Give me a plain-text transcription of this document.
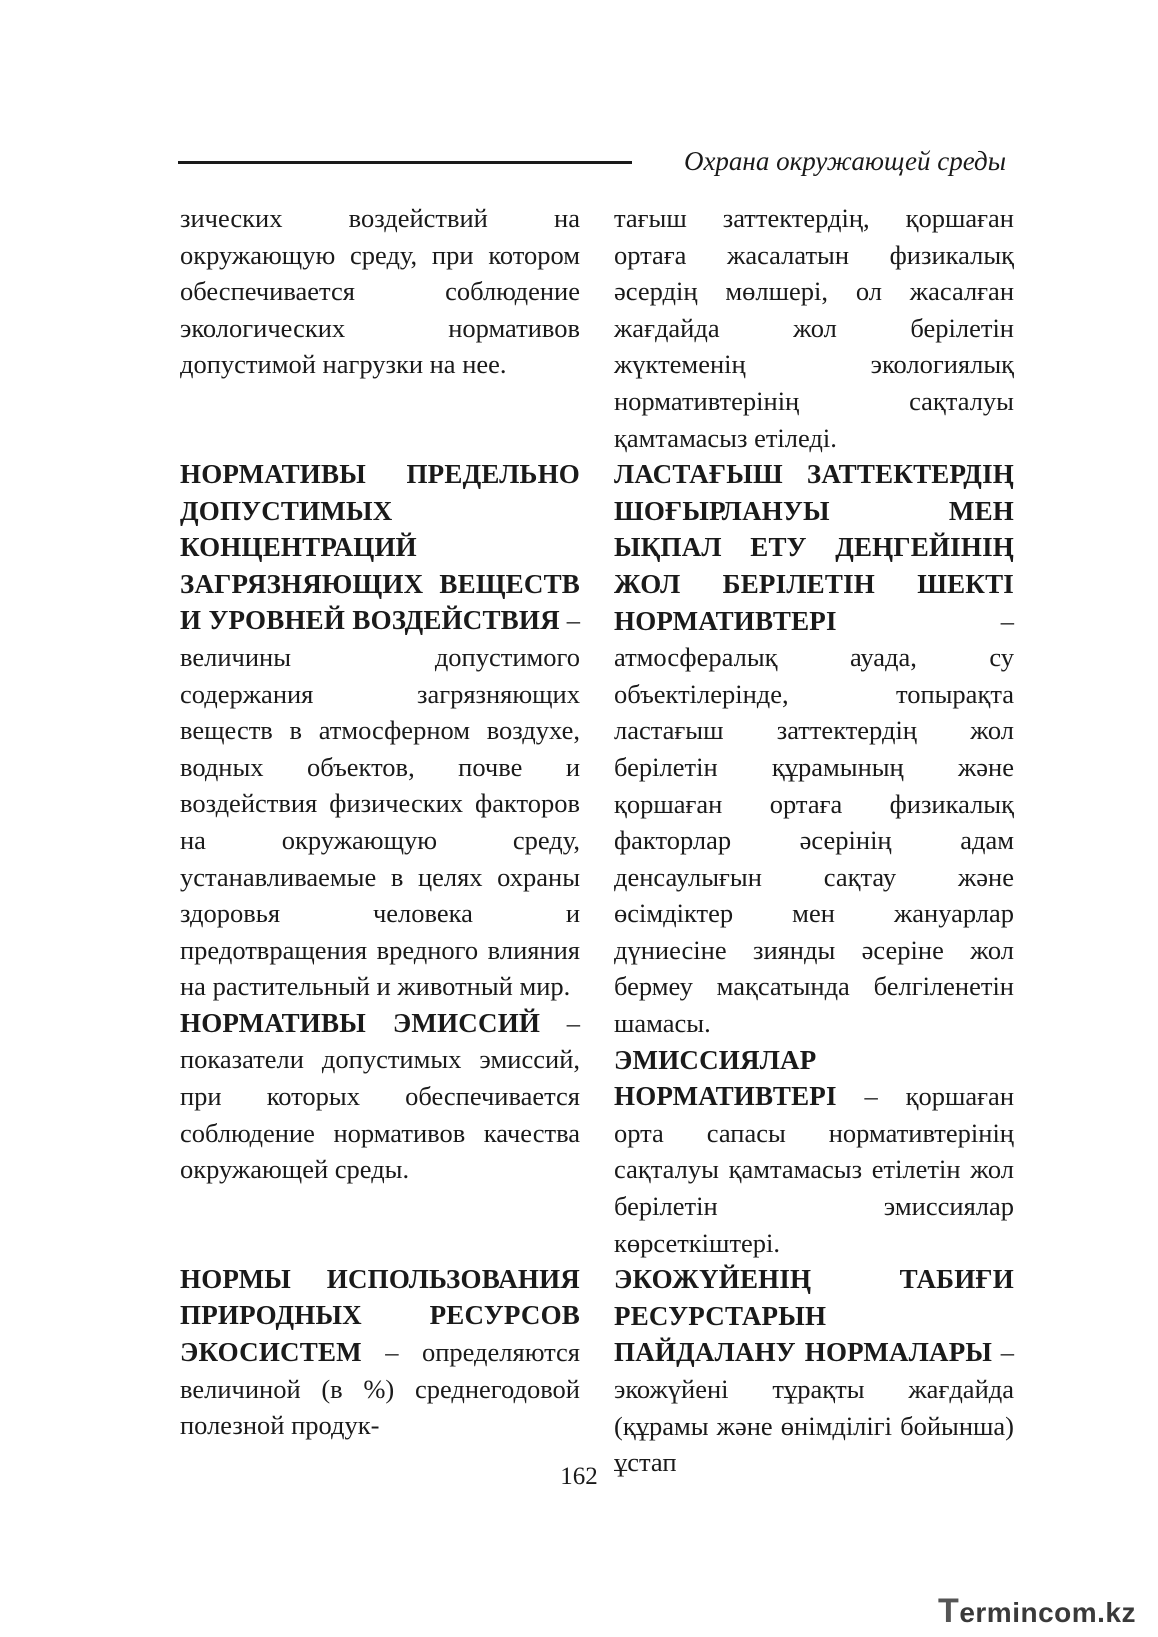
Охрана окружающей среды

зических воздействий на окружающую среду, при котором обеспечивается соблюдение экологических нормативов допустимой нагрузки на нее.

НОРМАТИВЫ ПРЕДЕЛЬНО ДОПУСТИМЫХ КОНЦЕНТРАЦИЙ ЗАГРЯЗНЯЮЩИХ ВЕЩЕСТВ И УРОВНЕЙ ВОЗДЕЙСТВИЯ – величины допустимого содержания загрязняющих веществ в атмосферном воздухе, водных объектов, почве и воздействия физических факторов на окружающую среду, устанавливаемые в целях охраны здоровья человека и предотвращения вредного влияния на растительный и животный мир.

НОРМАТИВЫ ЭМИССИЙ – показатели допустимых эмиссий, при которых обеспечивается соблюдение нормативов качества окружающей среды.

НОРМЫ ИСПОЛЬЗОВАНИЯ ПРИРОДНЫХ РЕСУРСОВ ЭКОСИСТЕМ – определяются величиной (в %) среднегодовой полезной продук-

тағыш заттектердің, қоршаған ортаға жасалатын физикалық әсердің мөлшері, ол жасалған жағдайда жол берілетін жүктеменің экологиялық нормативтерінің сақталуы қамтамасыз етіледі.

ЛАСТАҒЫШ ЗАТТЕКТЕРДІҢ ШОҒЫРЛАНУЫ МЕН ЫҚПАЛ ЕТУ ДЕҢГЕЙІНІҢ ЖОЛ БЕРІЛЕТІН ШЕКТІ НОРМАТИВТЕРІ – атмосфералық ауада, су объектілерінде, топырақта ластағыш заттектердің жол берілетін құрамының және қоршаған ортаға физикалық факторлар әсерінің адам денсаулығын сақтау және өсімдіктер мен жануарлар дүниесіне зиянды әсеріне жол бермеу мақсатында белгіленетін шамасы.

ЭМИССИЯЛАР НОРМАТИВТЕРІ – қоршаған орта сапасы нормативтерінің сақталуы қамтамасыз етілетін жол берілетін эмиссиялар көрсеткіштері.

ЭКОЖҮЙЕНІҢ ТАБИҒИ РЕСУРСТАРЫН ПАЙДАЛАНУ НОРМАЛАРЫ – экожүйені тұрақты жағдайда (құрамы және өнімділігі бойынша) ұстап

162
Termincom.kz
